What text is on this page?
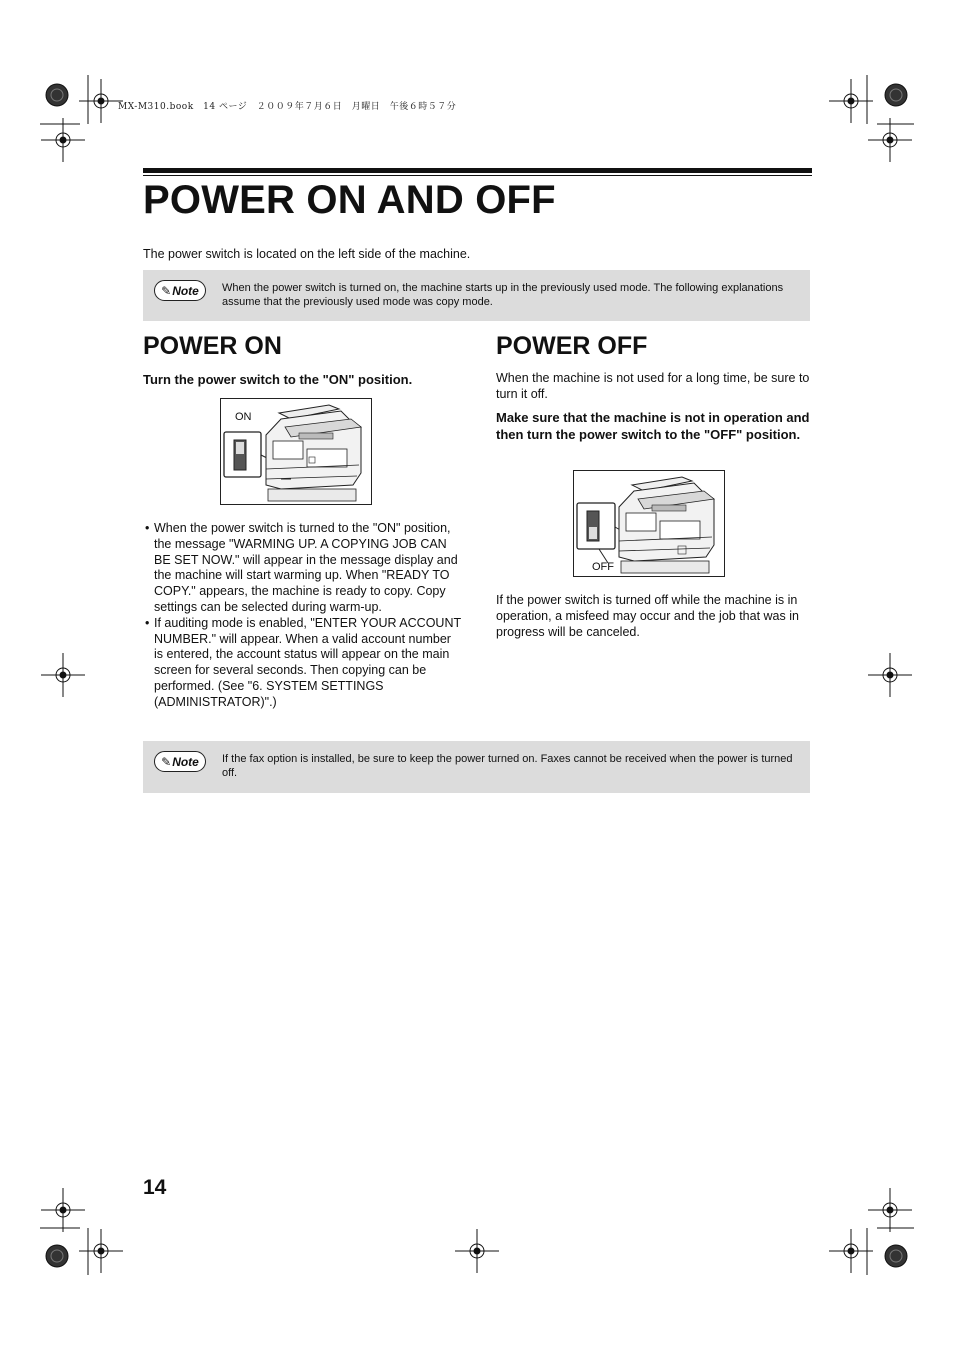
MX-M310.book　14 ページ　２００９年７月６日　月曜日　午後６時５７分
POWER ON AND OFF
The power switch is located on the left side of the machine.
✎ Note When the power switch is turned on, the machine starts up in the previously used mode. The following explanations assume that the previously used mode was copy mode.
POWER ON
Turn the power switch to the "ON" position.
ON
• When the power switch is turned to the "ON" position, the message "WARMING UP. A COPYING JOB CAN BE SET NOW." will appear in the message display and the machine will start warming up. When "READY TO COPY." appears, the machine is ready to copy. Copy settings can be selected during warm-up.
• If auditing mode is enabled, "ENTER YOUR ACCOUNT NUMBER." will appear. When a valid account number is entered, the account status will appear on the main screen for several seconds. Then copying can be performed. (See "6. SYSTEM SETTINGS (ADMINISTRATOR)".)
POWER OFF
When the machine is not used for a long time, be sure to turn it off.
Make sure that the machine is not in operation and then turn the power switch to the "OFF" position.
OFF
If the power switch is turned off while the machine is in operation, a misfeed may occur and the job that was in progress will be canceled.
✎ Note If the fax option is installed, be sure to keep the power turned on. Faxes cannot be received when the power is turned off.
14
